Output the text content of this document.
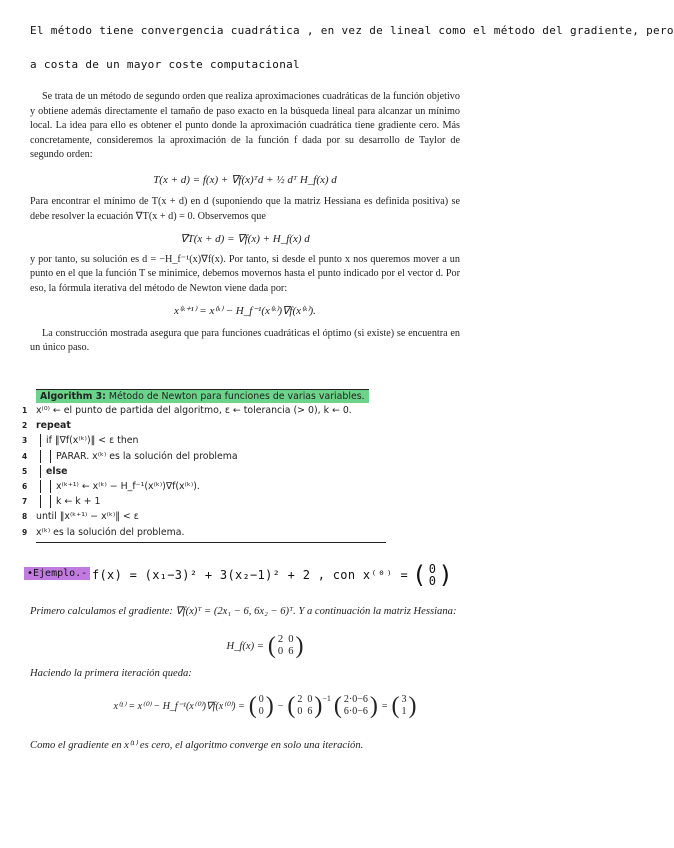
El método tiene convergencia cuadrática , en vez de lineal como el método del gradiente, pero
a costa de un mayor coste computacional

Se trata de un método de segundo orden que realiza aproximaciones cuadráticas de la función objetivo y obtiene además directamente el tamaño de paso exacto en la búsqueda lineal para alcanzar un mínimo local. La idea para ello es obtener el punto donde la aproximación cuadrática tiene gradiente cero. Más concretamente, consideremos la aproximación de la función f dada por su desarrollo de Taylor de segundo orden:

T(x + d) = f(x) + ∇f(x)ᵀd + ½ dᵀ H_f(x) d

Para encontrar el mínimo de T(x + d) en d (suponiendo que la matriz Hessiana es definida positiva) se debe resolver la ecuación ∇T(x + d) = 0. Observemos que

∇T(x + d) = ∇f(x) + H_f(x) d

y por tanto, su solución es d = −H_f⁻¹(x)∇f(x). Por tanto, si desde el punto x nos queremos mover a un punto en el que la función T se minimice, debemos movernos hasta el punto indicado por el vector d. Por eso, la fórmula iterativa del método de Newton viene dada por:

x⁽ᵏ⁺¹⁾ = x⁽ᵏ⁾ − H_f⁻¹(x⁽ᵏ⁾)∇f(x⁽ᵏ⁾).

La construcción mostrada asegura que para funciones cuadráticas el óptimo (si existe) se encuentra en un único paso.

Algorithm 3: Método de Newton para funciones de varias variables.
1 x⁽⁰⁾ ← el punto de partida del algoritmo, ε ← tolerancia (> 0), k ← 0.
2 repeat
3	if ‖∇f(x⁽ᵏ⁾)‖ < ε then
4	PARAR. x⁽ᵏ⁾ es la solución del problema
5	else
6	x⁽ᵏ⁺¹⁾ ← x⁽ᵏ⁾ − H_f⁻¹(x⁽ᵏ⁾)∇f(x⁽ᵏ⁾).
7	k ← k + 1
8 until ‖x⁽ᵏ⁺¹⁾ − x⁽ᵏ⁾‖ < ε
9 x⁽ᵏ⁾ es la solución del problema.
•Ejemplo.- f(x) = (x₁−3)² + 3(x₂−1)² + 2 , con x⁽⁰⁾ = ( 0
0 )
Primero calculamos el gradiente: ∇f(x)ᵀ = (2x₁ − 6, 6x₂ − 6)ᵀ. Y a continuación la matriz Hessiana:
H_f(x) = ( 2 0
0 6 )
Haciendo la primera iteración queda:
x⁽¹⁾ = x⁽⁰⁾ − H_f⁻¹(x⁽⁰⁾)∇f(x⁽⁰⁾) = ( 0
0 ) − ( 2 0
0 6 )$^{-1}$ ( 2·0−6
6·0−6 ) = ( 3
1 )
Como el gradiente en x⁽¹⁾ es cero, el algoritmo converge en solo una iteración.
